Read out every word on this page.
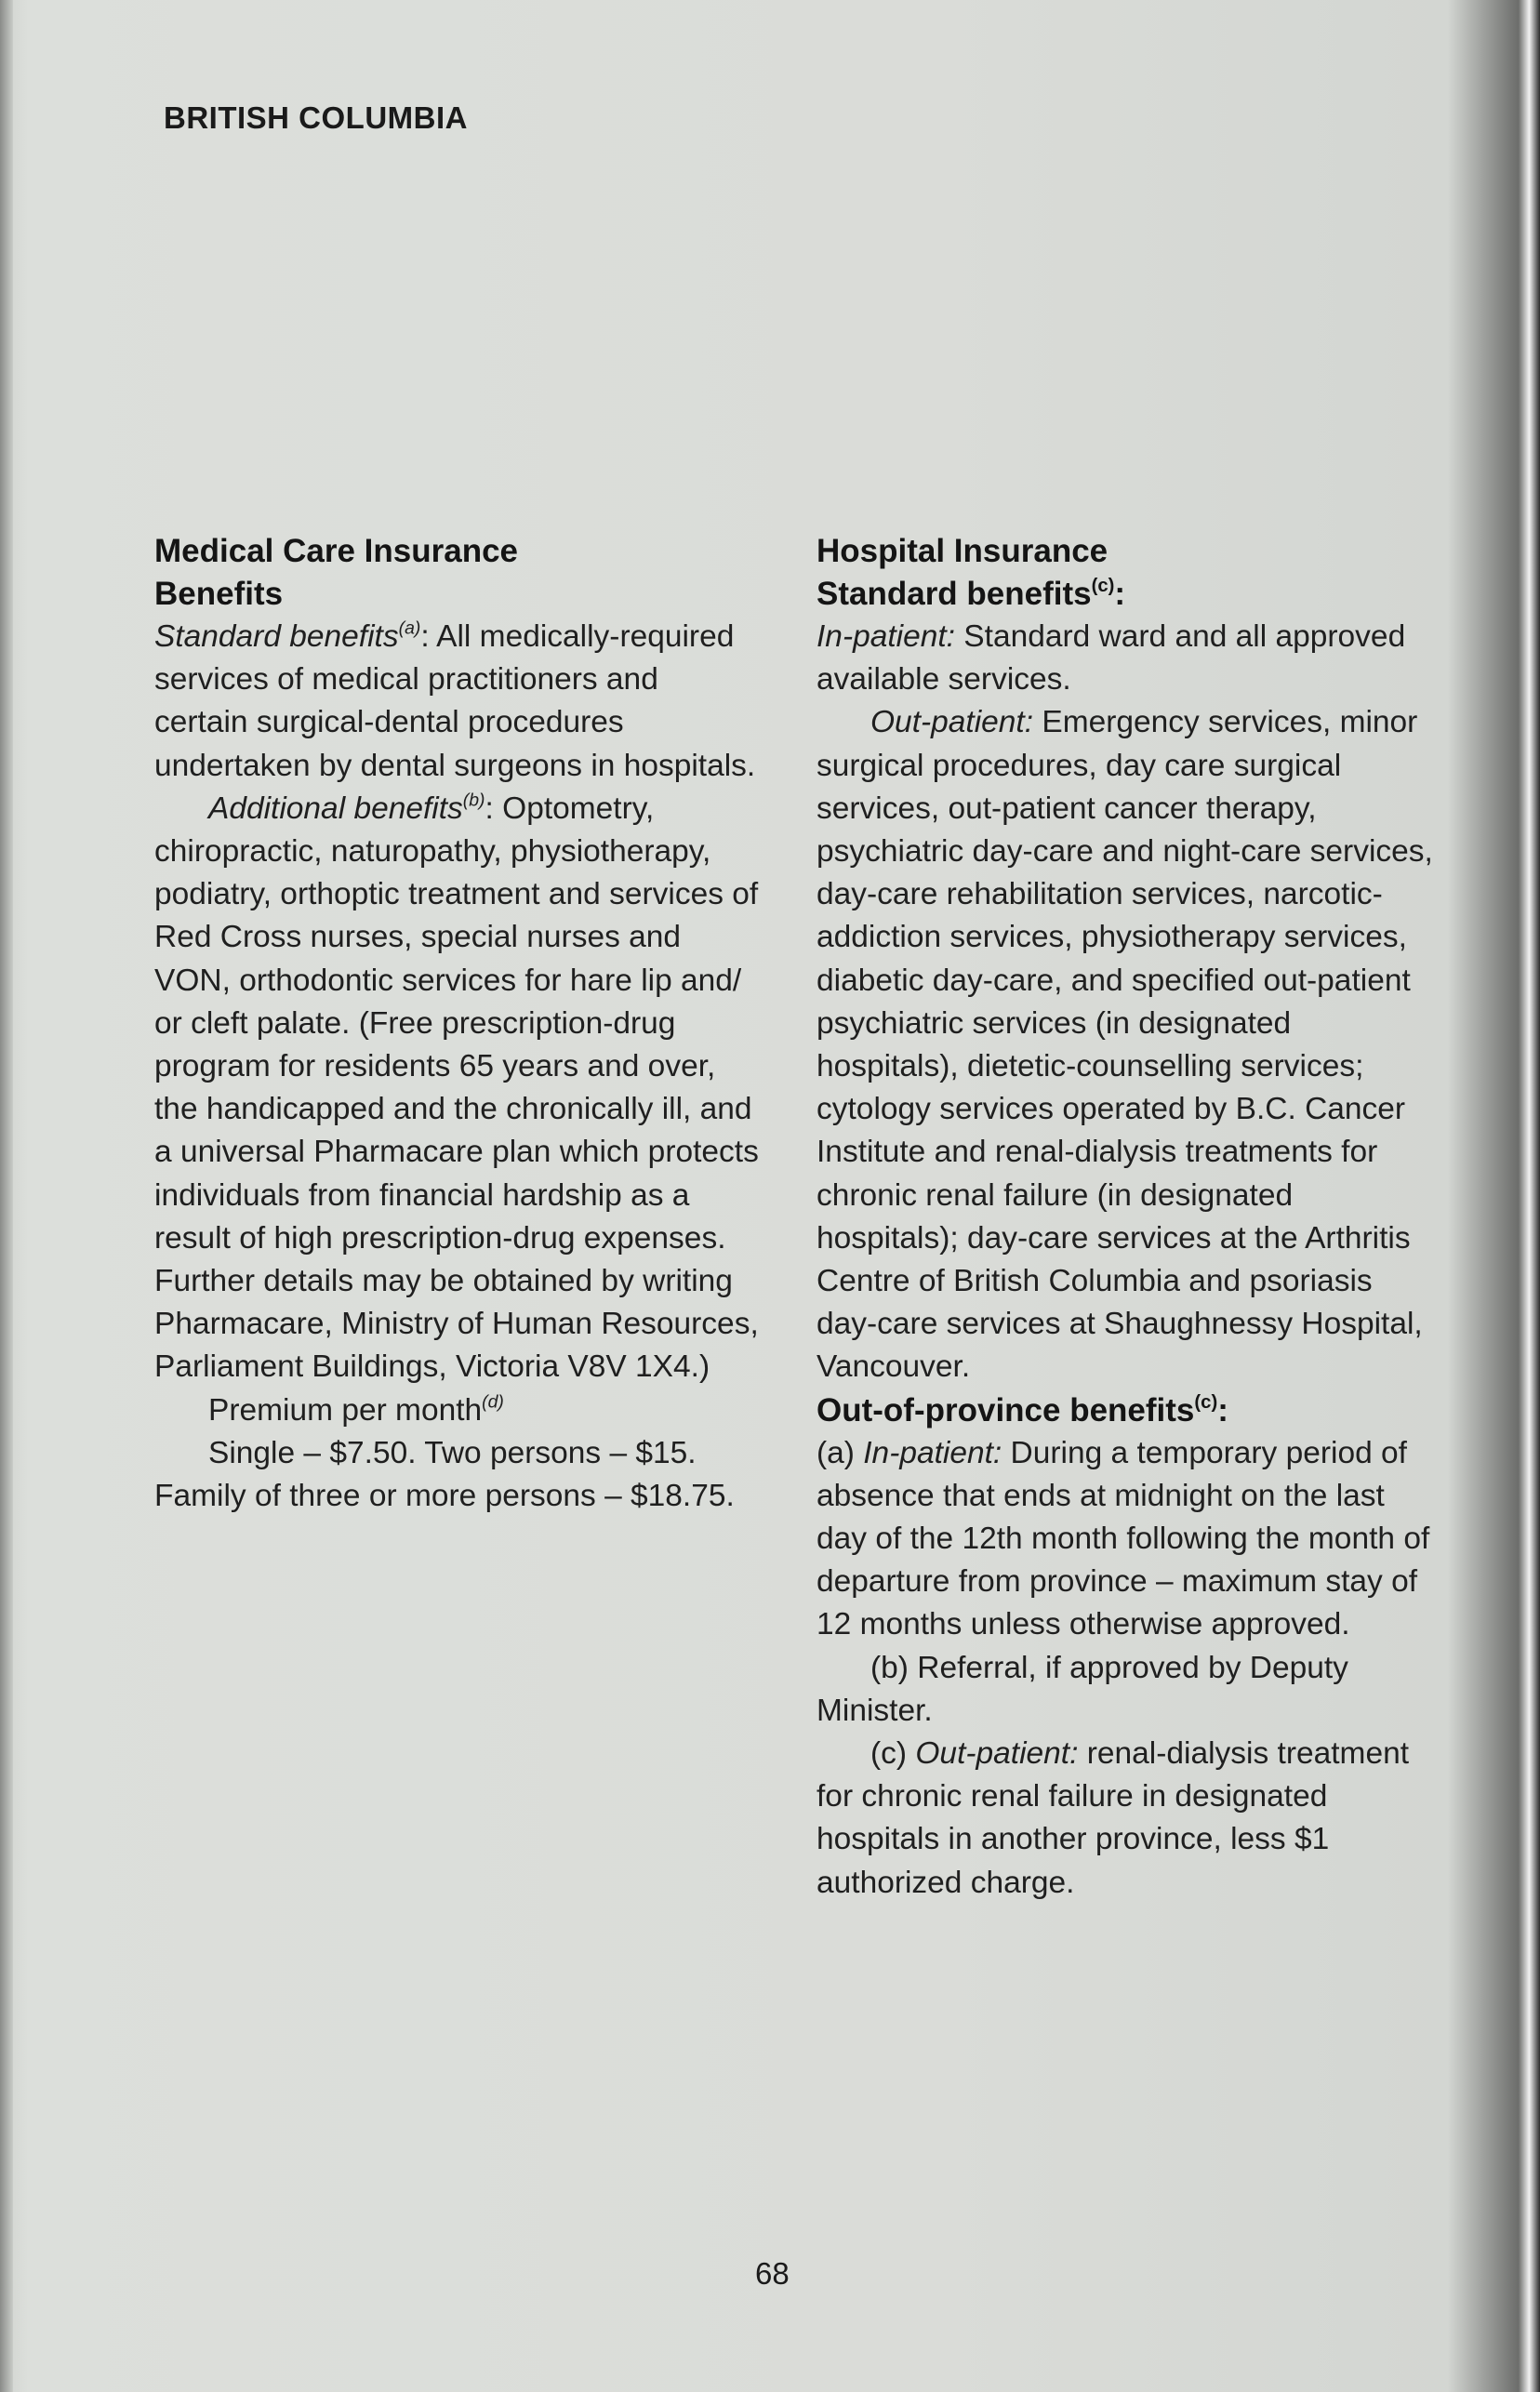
BRITISH COLUMBIA
Medical Care Insurance
Benefits

Standard benefits$^{(a)}$: All medically-required services of medical practitioners and certain surgical-dental procedures undertaken by dental surgeons in hospitals.

Additional benefits$^{(b)}$: Optometry, chiropractic, naturopathy, physiotherapy, podiatry, orthoptic treatment and services of Red Cross nurses, special nurses and VON, orthodontic services for hare lip and/ or cleft palate. (Free prescription-drug program for residents 65 years and over, the handicapped and the chronically ill, and a universal Pharmacare plan which protects individuals from financial hardship as a result of high prescription-drug expenses. Further details may be obtained by writing Pharmacare, Ministry of Human Resources, Parliament Buildings, Victoria V8V 1X4.)

Premium per month$^{(d)}$

Single – $7.50. Two persons – $15. Family of three or more persons – $18.75.

Hospital Insurance
Standard benefits$^{(c)}$:

In-patient: Standard ward and all approved available services.

Out-patient: Emergency services, minor surgical procedures, day care surgical services, out-patient cancer therapy, psychiatric day-care and night-care services, day-care rehabilitation services, narcotic-addiction services, physiotherapy services, diabetic day-care, and specified out-patient psychiatric services (in designated hospitals), dietetic-counselling services; cytology services operated by B.C. Cancer Institute and renal-dialysis treatments for chronic renal failure (in designated hospitals); day-care services at the Arthritis Centre of British Columbia and psoriasis day-care services at Shaughnessy Hospital, Vancouver.

Out-of-province benefits$^{(c)}$:

(a) In-patient: During a temporary period of absence that ends at midnight on the last day of the 12th month following the month of departure from province – maximum stay of 12 months unless otherwise approved.

(b) Referral, if approved by Deputy Minister.

(c) Out-patient: renal-dialysis treatment for chronic renal failure in designated hospitals in another province, less $1 authorized charge.

68
